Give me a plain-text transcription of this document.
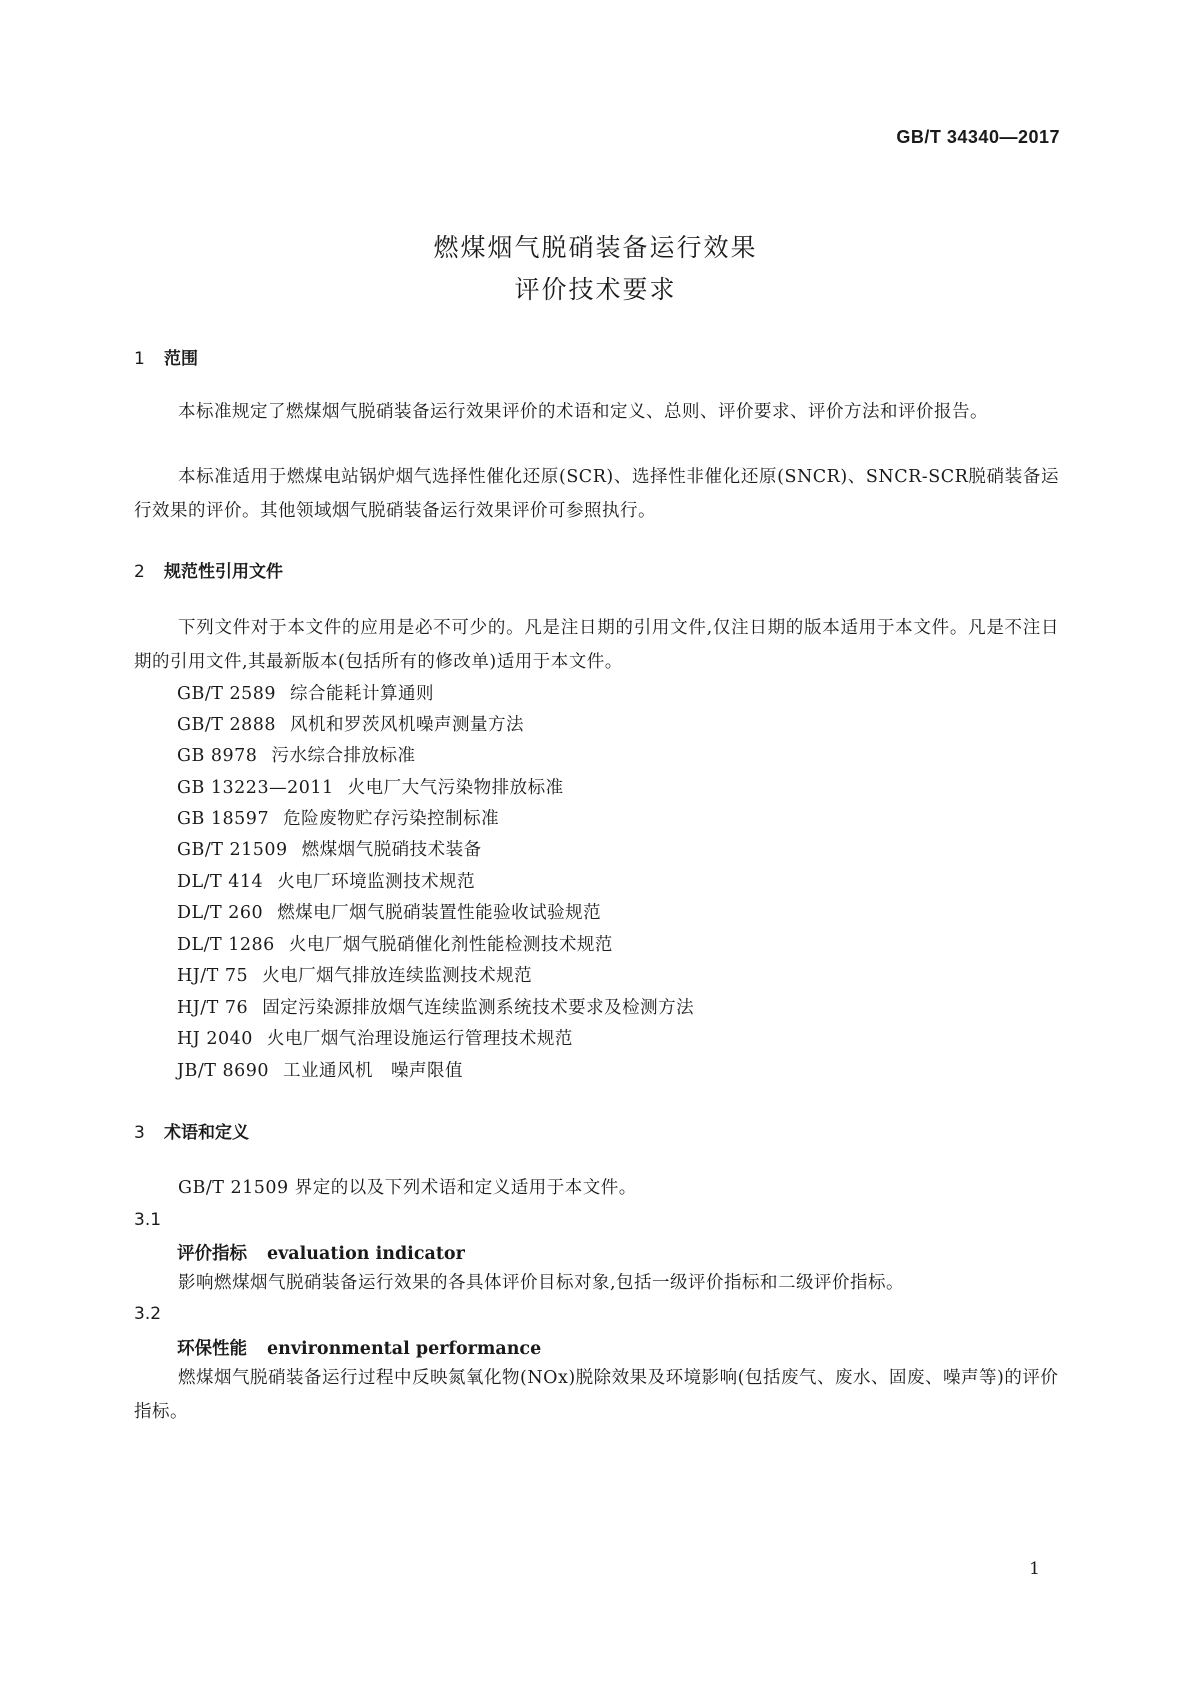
GB/T 34340—2017
燃煤烟气脱硝装备运行效果
评价技术要求
1 范围
本标准规定了燃煤烟气脱硝装备运行效果评价的术语和定义、总则、评价要求、评价方法和评价报告。
本标准适用于燃煤电站锅炉烟气选择性催化还原(SCR)、选择性非催化还原(SNCR)、SNCR-SCR脱硝装备运行效果的评价。其他领域烟气脱硝装备运行效果评价可参照执行。
2 规范性引用文件
下列文件对于本文件的应用是必不可少的。凡是注日期的引用文件,仅注日期的版本适用于本文件。凡是不注日期的引用文件,其最新版本(包括所有的修改单)适用于本文件。
GB/T 2589 综合能耗计算通则
GB/T 2888 风机和罗茨风机噪声测量方法
GB 8978 污水综合排放标准
GB 13223—2011 火电厂大气污染物排放标准
GB 18597 危险废物贮存污染控制标准
GB/T 21509 燃煤烟气脱硝技术装备
DL/T 414 火电厂环境监测技术规范
DL/T 260 燃煤电厂烟气脱硝装置性能验收试验规范
DL/T 1286 火电厂烟气脱硝催化剂性能检测技术规范
HJ/T 75 火电厂烟气排放连续监测技术规范
HJ/T 76 固定污染源排放烟气连续监测系统技术要求及检测方法
HJ 2040 火电厂烟气治理设施运行管理技术规范
JB/T 8690 工业通风机　噪声限值
3 术语和定义
GB/T 21509 界定的以及下列术语和定义适用于本文件。
3.1
评价指标 evaluation indicator
影响燃煤烟气脱硝装备运行效果的各具体评价目标对象,包括一级评价指标和二级评价指标。
3.2
环保性能 environmental performance
燃煤烟气脱硝装备运行过程中反映氮氧化物(NOx)脱除效果及环境影响(包括废气、废水、固废、噪声等)的评价指标。
1
